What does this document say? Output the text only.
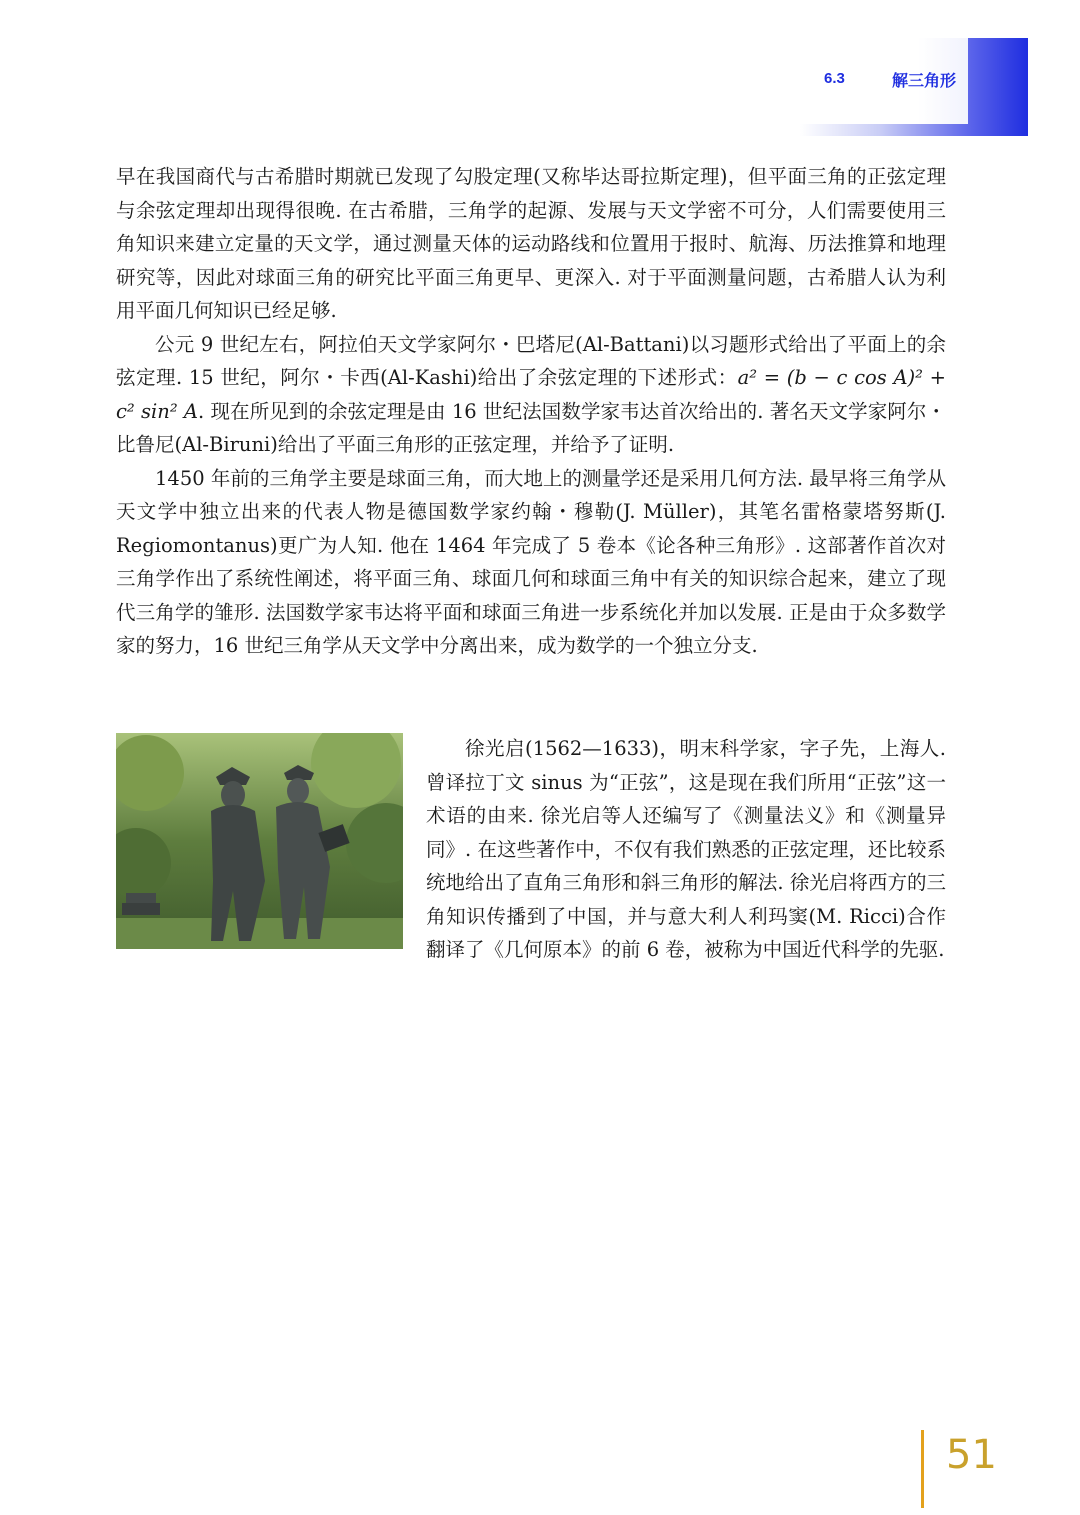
6.3	解三角形

早在我国商代与古希腊时期就已发现了勾股定理(又称毕达哥拉斯定理)，但平面三角的正弦定理与余弦定理却出现得很晚. 在古希腊，三角学的起源、发展与天文学密不可分，人们需要使用三角知识来建立定量的天文学，通过测量天体的运动路线和位置用于报时、航海、历法推算和地理研究等，因此对球面三角的研究比平面三角更早、更深入. 对于平面测量问题，古希腊人认为利用平面几何知识已经足够.

公元 9 世纪左右，阿拉伯天文学家阿尔・巴塔尼(Al-Battani)以习题形式给出了平面上的余弦定理. 15 世纪，阿尔・卡西(Al-Kashi)给出了余弦定理的下述形式：a² = (b − c cos A)² + c² sin² A. 现在所见到的余弦定理是由 16 世纪法国数学家韦达首次给出的. 著名天文学家阿尔・比鲁尼(Al-Biruni)给出了平面三角形的正弦定理，并给予了证明.

1450 年前的三角学主要是球面三角，而大地上的测量学还是采用几何方法. 最早将三角学从天文学中独立出来的代表人物是德国数学家约翰・穆勒(J. Müller)，其笔名雷格蒙塔努斯(J. Regiomontanus)更广为人知. 他在 1464 年完成了 5 卷本《论各种三角形》. 这部著作首次对三角学作出了系统性阐述，将平面三角、球面几何和球面三角中有关的知识综合起来，建立了现代三角学的雏形. 法国数学家韦达将平面和球面三角进一步系统化并加以发展. 正是由于众多数学家的努力，16 世纪三角学从天文学中分离出来，成为数学的一个独立分支.

徐光启(1562—1633)，明末科学家，字子先，上海人. 曾译拉丁文 sinus 为“正弦”，这是现在我们所用“正弦”这一术语的由来. 徐光启等人还编写了《测量法义》和《测量异同》. 在这些著作中，不仅有我们熟悉的正弦定理，还比较系统地给出了直角三角形和斜三角形的解法. 徐光启将西方的三角知识传播到了中国，并与意大利人利玛窦(M. Ricci)合作翻译了《几何原本》的前 6 卷，被称为中国近代科学的先驱.

51
